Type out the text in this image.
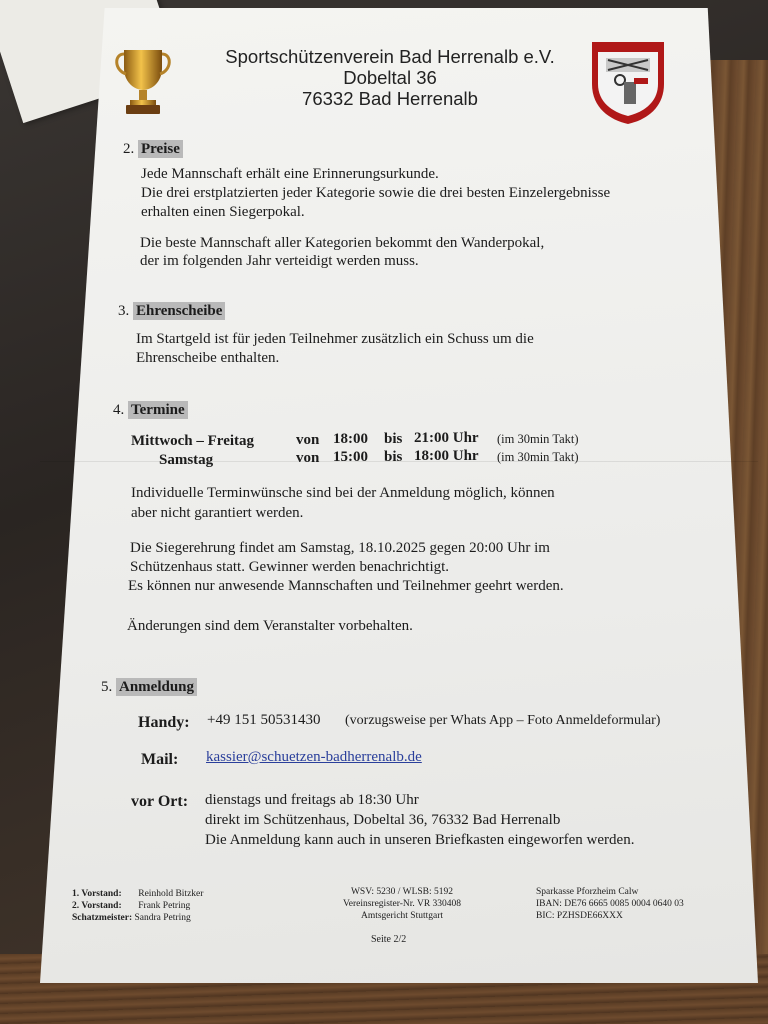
Sportschützenverein Bad Herrenalb e.V.
Dobeltal 36
76332 Bad Herrenalb
2. Preise
Jede Mannschaft erhält eine Erinnerungsurkunde.
Die drei erstplatzierten jeder Kategorie sowie die drei besten Einzelergebnisse
erhalten einen Siegerpokal.
Die beste Mannschaft aller Kategorien bekommt den Wanderpokal,
der im folgenden Jahr verteidigt werden muss.
3. Ehrenscheibe
Im Startgeld ist für jeden Teilnehmer zusätzlich ein Schuss um die
Ehrenscheibe enthalten.
4. Termine
Mittwoch – Freitag	von 18:00 bis 21:00 Uhr (im 30min Takt)
Samstag	von 15:00 bis 18:00 Uhr (im 30min Takt)
Individuelle Terminwünsche sind bei der Anmeldung möglich, können
aber nicht garantiert werden.
Die Siegerehrung findet am Samstag, 18.10.2025 gegen 20:00 Uhr im
Schützenhaus statt. Gewinner werden benachrichtigt.
Es können nur anwesende Mannschaften und Teilnehmer geehrt werden.
Änderungen sind dem Veranstalter vorbehalten.
5. Anmeldung
Handy: +49 151 50531430 (vorzugsweise per Whats App – Foto Anmeldeformular)
Mail: kassier@schuetzen-badherrenalb.de
vor Ort: dienstags und freitags ab 18:30 Uhr
direkt im Schützenhaus, Dobeltal 36, 76332 Bad Herrenalb
Die Anmeldung kann auch in unseren Briefkasten eingeworfen werden.
1. Vorstand: Reinhold Bitzker
2. Vorstand: Frank Petring
Schatzmeister: Sandra Petring
WSV: 5230 / WLSB: 5192
Vereinsregister-Nr. VR 330408
Amtsgericht Stuttgart
Sparkasse Pforzheim Calw
IBAN: DE76 6665 0085 0004 0640 03
BIC: PZHSDE66XXX
Seite 2/2
